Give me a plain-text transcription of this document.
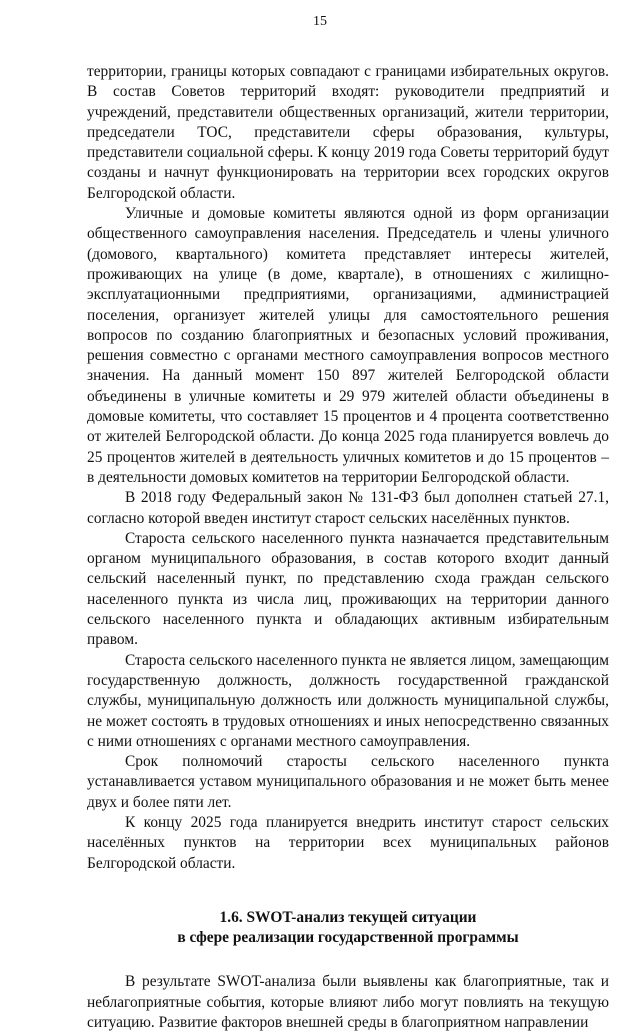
15

территории, границы которых совпадают с границами избирательных округов. В состав Советов территорий входят: руководители предприятий и учреждений, представители общественных организаций, жители территории, председатели ТОС, представители сферы образования, культуры, представители социальной сферы. К концу 2019 года Советы территорий будут созданы и начнут функционировать на территории всех городских округов Белгородской области.

Уличные и домовые комитеты являются одной из форм организации общественного самоуправления населения. Председатель и члены уличного (домового, квартального) комитета представляет интересы жителей, проживающих на улице (в доме, квартале), в отношениях с жилищно-эксплуатационными предприятиями, организациями, администрацией поселения, организует жителей улицы для самостоятельного решения вопросов по созданию благоприятных и безопасных условий проживания, решения совместно с органами местного самоуправления вопросов местного значения. На данный момент 150 897 жителей Белгородской области объединены в уличные комитеты и 29 979 жителей области объединены в домовые комитеты, что составляет 15 процентов и 4 процента соответственно от жителей Белгородской области. До конца 2025 года планируется вовлечь до 25 процентов жителей в деятельность уличных комитетов и до 15 процентов – в деятельности домовых комитетов на территории Белгородской области.

В 2018 году Федеральный закон № 131-ФЗ был дополнен статьей 27.1, согласно которой введен институт старост сельских населённых пунктов.

Староста сельского населенного пункта назначается представительным органом муниципального образования, в состав которого входит данный сельский населенный пункт, по представлению схода граждан сельского населенного пункта из числа лиц, проживающих на территории данного сельского населенного пункта и обладающих активным избирательным правом.

Староста сельского населенного пункта не является лицом, замещающим государственную должность, должность государственной гражданской службы, муниципальную должность или должность муниципальной службы, не может состоять в трудовых отношениях и иных непосредственно связанных с ними отношениях с органами местного самоуправления.

Срок полномочий старосты сельского населенного пункта устанавливается уставом муниципального образования и не может быть менее двух и более пяти лет.

К концу 2025 года планируется внедрить институт старост сельских населённых пунктов на территории всех муниципальных районов Белгородской области.

1.6. SWOT-анализ текущей ситуации
в сфере реализации государственной программы

В результате SWOT-анализа были выявлены как благоприятные, так и неблагоприятные события, которые влияют либо могут повлиять на текущую ситуацию. Развитие факторов внешней среды в благоприятном направлении
